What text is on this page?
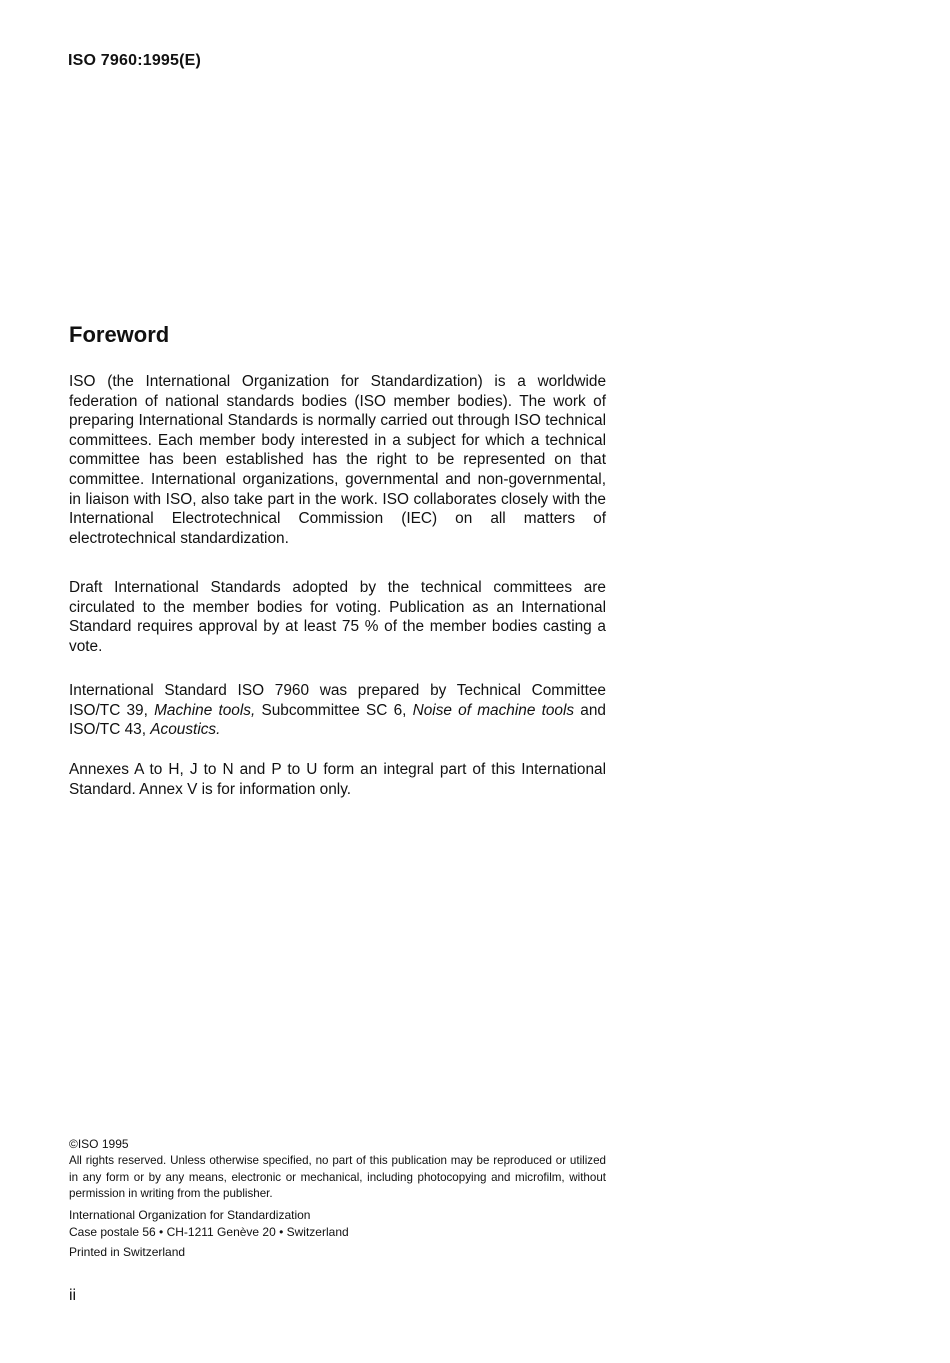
ISO 7960:1995(E)
Foreword

ISO (the International Organization for Standardization) is a worldwide federation of national standards bodies (ISO member bodies). The work of preparing International Standards is normally carried out through ISO technical committees. Each member body interested in a subject for which a technical committee has been established has the right to be represented on that committee. International organizations, governmental and non-governmental, in liaison with ISO, also take part in the work. ISO collaborates closely with the International Electrotechnical Commission (IEC) on all matters of electrotechnical standardization.

Draft International Standards adopted by the technical committees are circulated to the member bodies for voting. Publication as an International Standard requires approval by at least 75 % of the member bodies casting a vote.

International Standard ISO 7960 was prepared by Technical Committee ISO/TC 39, Machine tools, Subcommittee SC 6, Noise of machine tools and ISO/TC 43, Acoustics.

Annexes A to H, J to N and P to U form an integral part of this International Standard. Annex V is for information only.

©ISO 1995
All rights reserved. Unless otherwise specified, no part of this publication may be reproduced or utilized in any form or by any means, electronic or mechanical, including photocopying and microfilm, without permission in writing from the publisher.
International Organization for Standardization
Case postale 56 • CH-1211 Genève 20 • Switzerland
Printed in Switzerland
ii
